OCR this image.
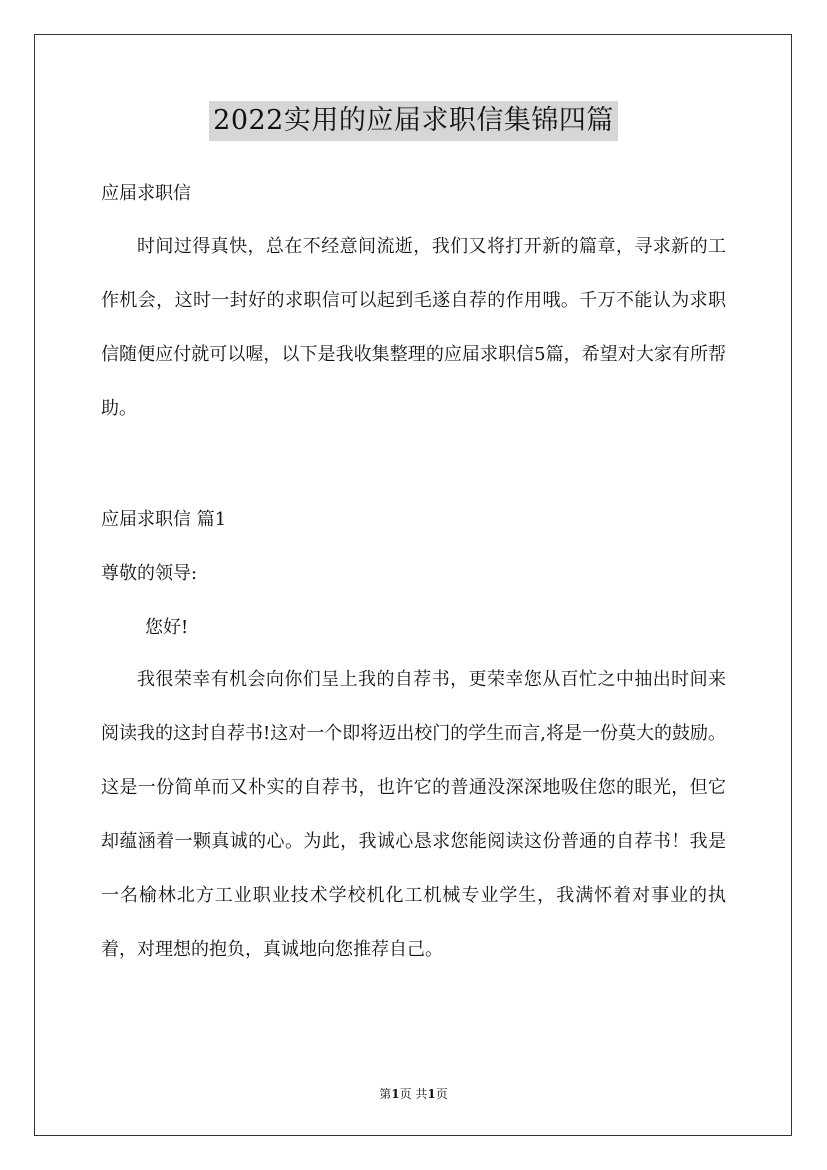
2022实用的应届求职信集锦四篇
应届求职信

时间过得真快，总在不经意间流逝，我们又将打开新的篇章，寻求新的工作机会，这时一封好的求职信可以起到毛遂自荐的作用哦。千万不能认为求职信随便应付就可以喔，以下是我收集整理的应届求职信5篇，希望对大家有所帮助。

应届求职信 篇1
尊敬的领导:
您好!

我很荣幸有机会向你们呈上我的自荐书，更荣幸您从百忙之中抽出时间来阅读我的这封自荐书!这对一个即将迈出校门的学生而言,将是一份莫大的鼓励。这是一份简单而又朴实的自荐书，也许它的普通没深深地吸住您的眼光，但它却蕴涵着一颗真诚的心。为此，我诚心恳求您能阅读这份普通的自荐书！我是一名榆林北方工业职业技术学校机化工机械专业学生，我满怀着对事业的执着，对理想的抱负，真诚地向您推荐自己。

第1页 共1页
